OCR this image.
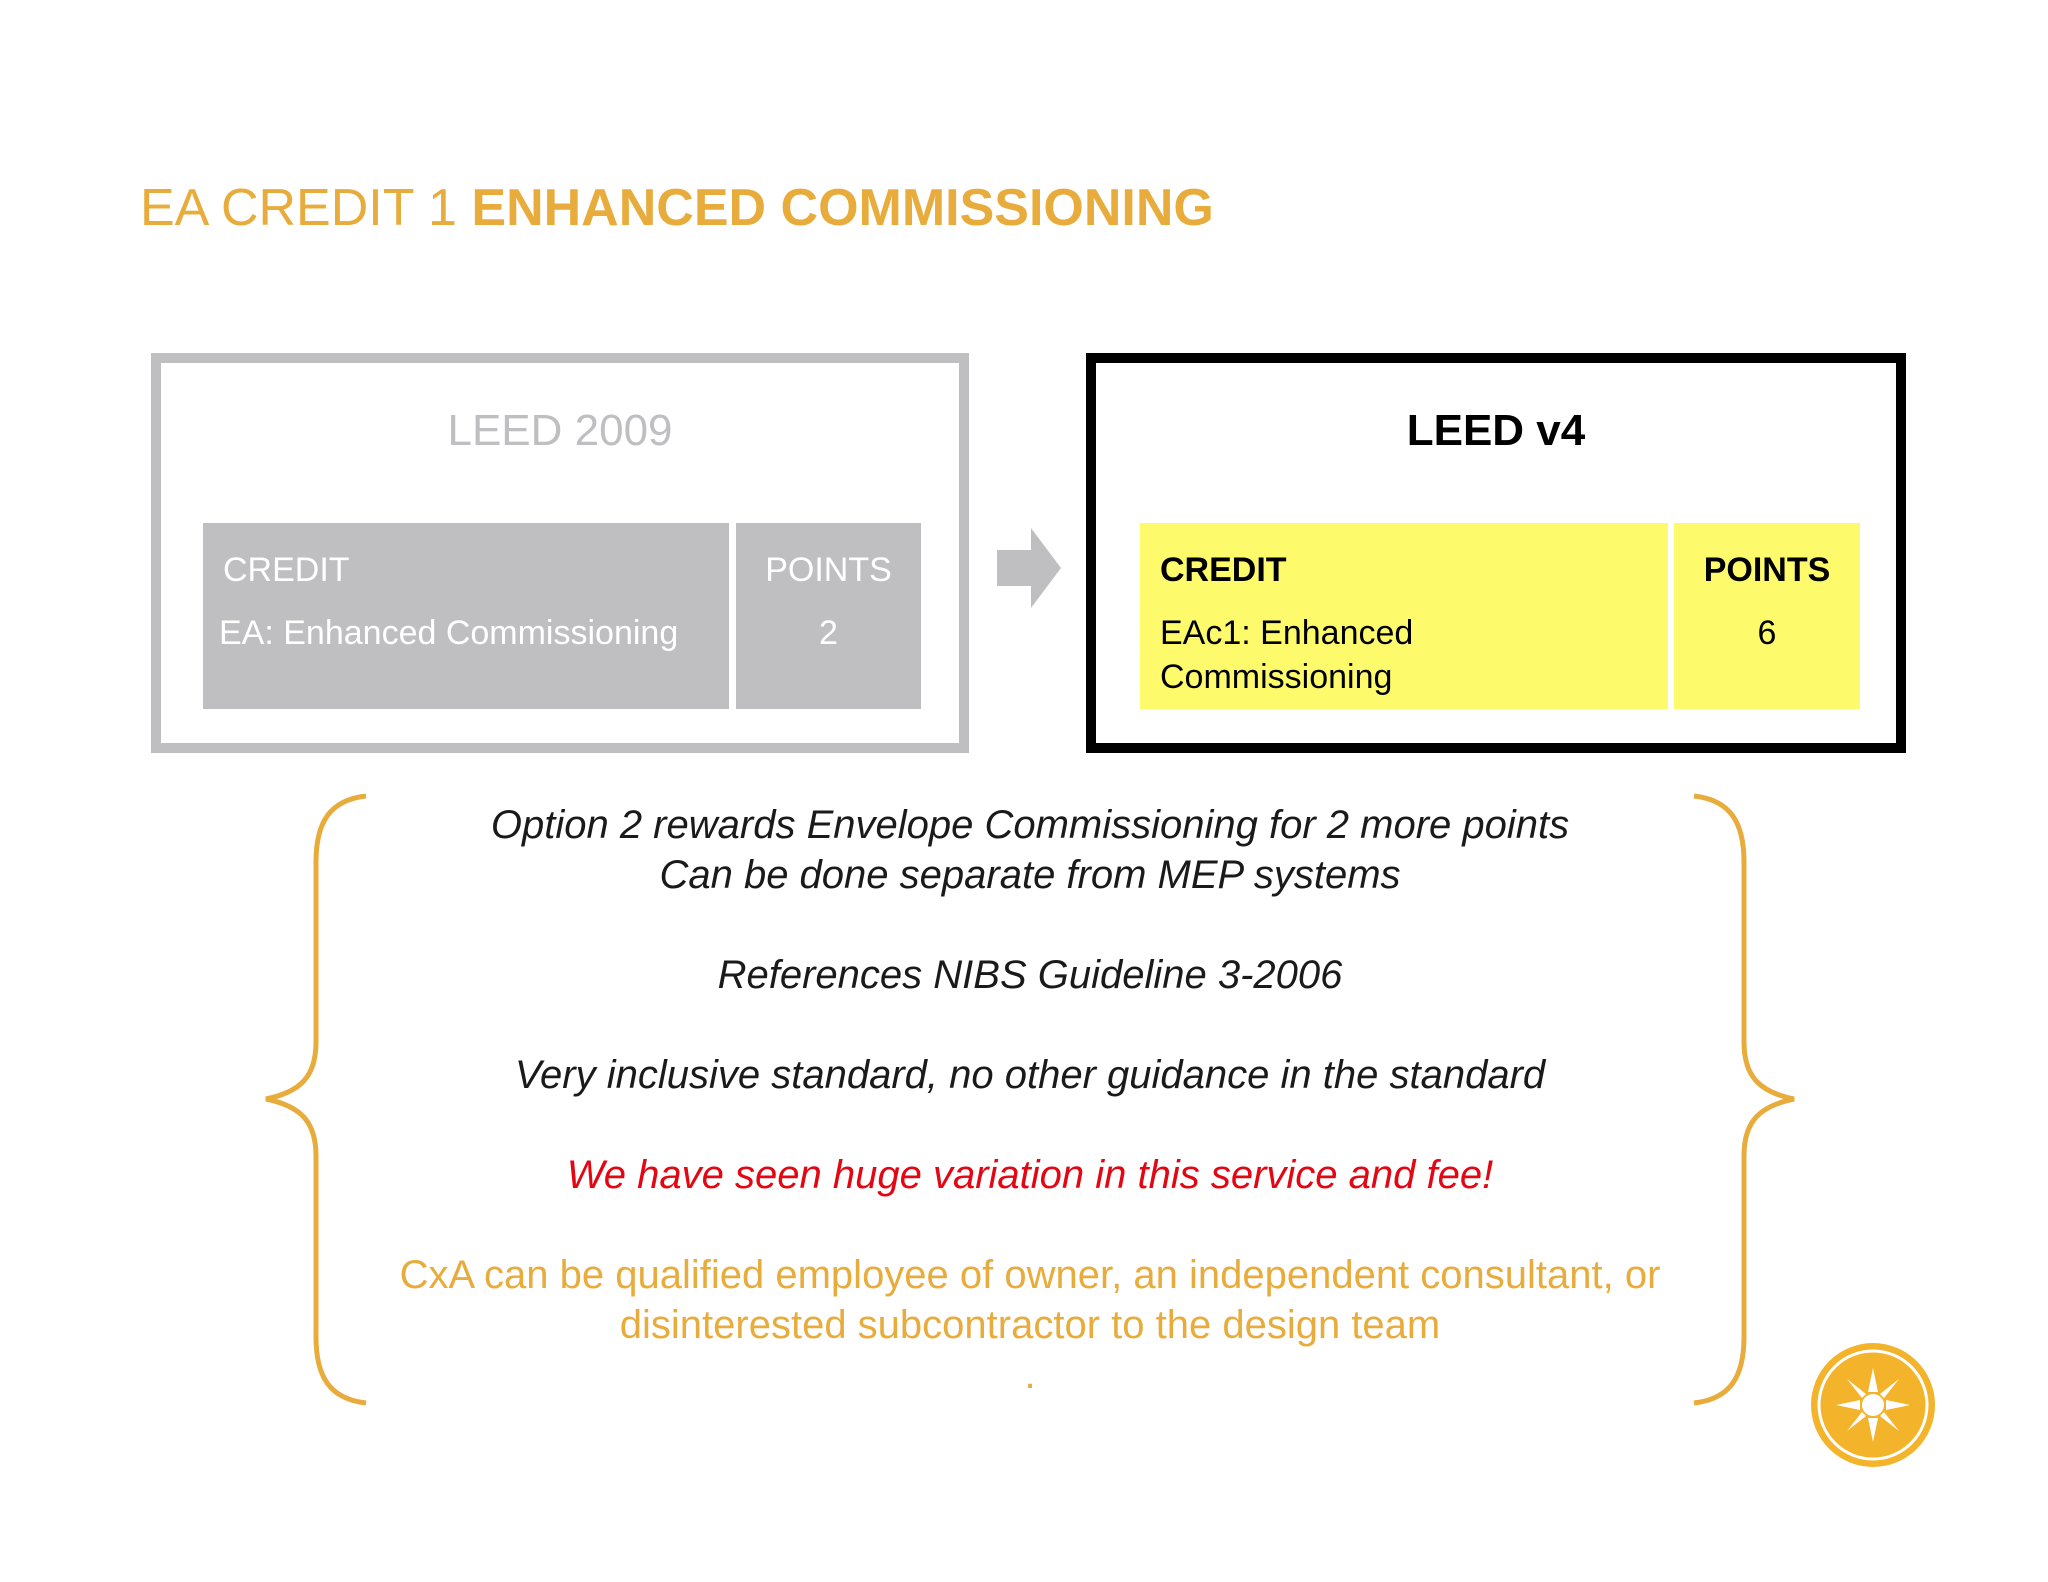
EA CREDIT 1 ENHANCED COMMISSIONING
LEED 2009
CREDIT
EA: Enhanced Commissioning
POINTS
2
LEED v4
CREDIT
EAc1: Enhanced Commissioning
POINTS
6

Option 2 rewards Envelope Commissioning for 2 more points

Can be done separate from MEP systems

References NIBS Guideline 3-2006

Very inclusive standard, no other guidance in the standard

We have seen huge variation in this service and fee!

CxA can be qualified employee of owner, an independent consultant, or disinterested subcontractor to the design team

.
